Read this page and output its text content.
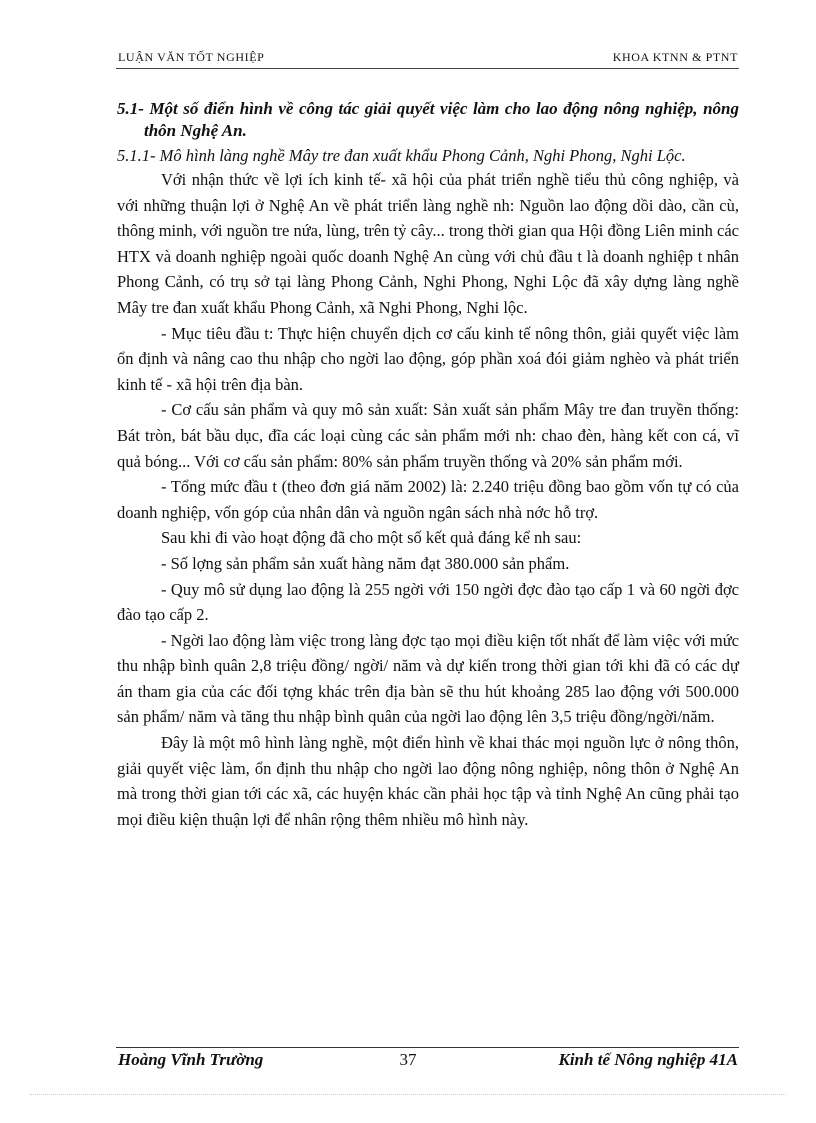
LUẬN VĂN TỐT NGHIỆP	KHOA KTNN & PTNT

5.1- Một số điển hình về công tác giải quyết việc làm cho lao động nông nghiệp, nông thôn Nghệ An.

5.1.1- Mô hình làng nghề Mây tre đan xuất khẩu Phong Cảnh, Nghi Phong, Nghi Lộc.

Với nhận thức về lợi ích kinh tế- xã hội của phát triển nghề tiểu thủ công nghiệp, và với những thuận lợi ở Nghệ An về phát triển làng nghề nh: Nguồn lao động dồi dào, cần cù, thông minh, với nguồn tre nứa, lùng, trên tỷ cây... trong thời gian qua Hội đồng Liên minh các HTX và doanh nghiệp ngoài quốc doanh Nghệ An cùng với chủ đầu t là doanh nghiệp t nhân Phong Cảnh, có trụ sở tại làng Phong Cảnh, Nghi Phong, Nghi Lộc đã xây dựng làng nghề Mây tre đan xuất khẩu Phong Cảnh, xã Nghi Phong, Nghi lộc.

- Mục tiêu đầu t: Thực hiện chuyển dịch cơ cấu kinh tế nông thôn, giải quyết việc làm ổn định và nâng cao thu nhập cho ngời lao động, góp phần xoá đói giảm nghèo và phát triển kinh tế - xã hội trên địa bàn.

- Cơ cấu sản phẩm và quy mô sản xuất: Sản xuất sản phẩm Mây tre đan truyền thống: Bát tròn, bát bầu dục, đĩa các loại cùng các sản phẩm mới nh: chao đèn, hàng kết con cá, vĩ quả bóng... Với cơ cấu sản phẩm: 80% sản phẩm truyền thống và 20% sản phẩm mới.

- Tổng mức đầu t (theo đơn giá năm 2002) là: 2.240 triệu đồng bao gồm vốn tự có của doanh nghiệp, vốn góp của nhân dân và nguồn ngân sách nhà nớc hỗ trợ.

Sau khi đi vào hoạt động đã cho một số kết quả đáng kể nh sau:

- Số lợng sản phẩm sản xuất hàng năm đạt 380.000 sản phẩm.

- Quy mô sử dụng lao động là 255 ngời với 150 ngời đợc đào tạo cấp 1 và 60 ngời đợc đào tạo cấp 2.

- Ngời lao động làm việc trong làng đợc tạo mọi điều kiện tốt nhất để làm việc với mức thu nhập bình quân 2,8 triệu đồng/ ngời/ năm và dự kiến trong thời gian tới khi đã có các dự án tham gia của các đối tợng khác trên địa bàn sẽ thu hút khoảng 285 lao động với 500.000 sản phẩm/ năm và tăng thu nhập bình quân của ngời lao động lên 3,5 triệu đồng/ngời/năm.

Đây là một mô hình làng nghề, một điển hình về khai thác mọi nguồn lực ở nông thôn, giải quyết việc làm, ổn định thu nhập cho ngời lao động nông nghiệp, nông thôn ở Nghệ An mà trong thời gian tới các xã, các huyện khác cần phải học tập và tỉnh Nghệ An cũng phải tạo mọi điều kiện thuận lợi để nhân rộng thêm nhiều mô hình này.

Hoàng Vĩnh Trường	37	Kinh tế Nông nghiệp 41A
